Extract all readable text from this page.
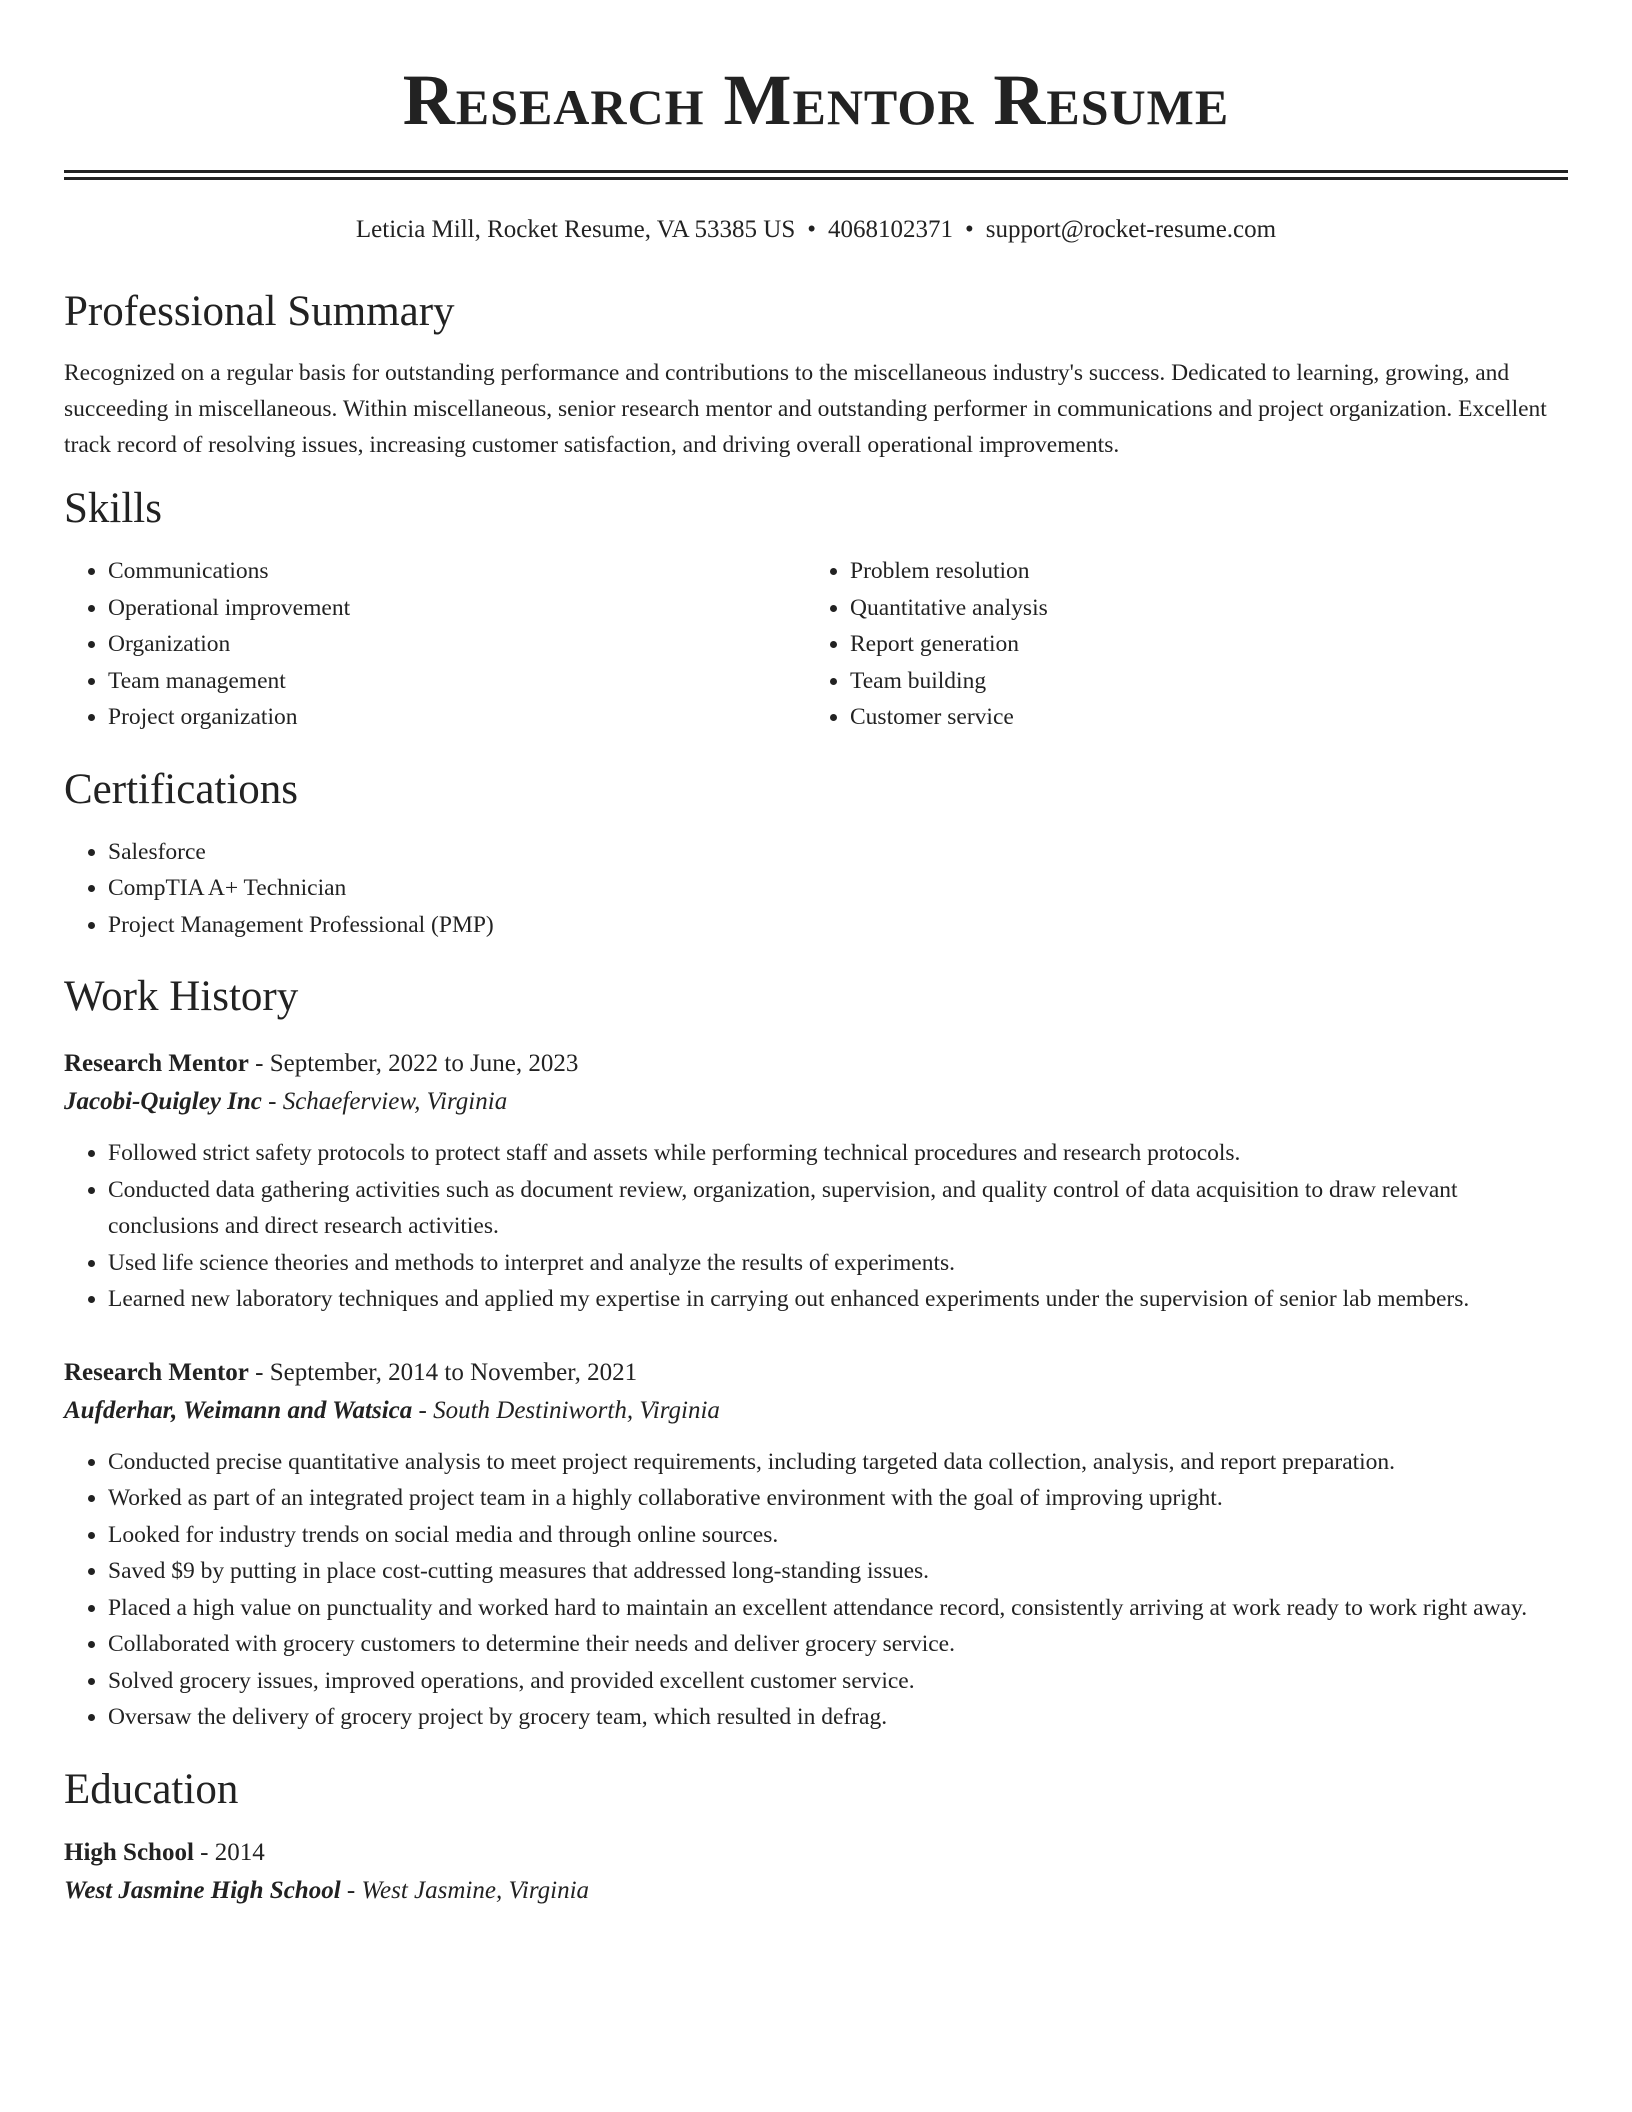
Research Mentor Resume
Leticia Mill, Rocket Resume, VA 53385 US • 4068102371 • support@rocket-resume.com
Professional Summary

Recognized on a regular basis for outstanding performance and contributions to the miscellaneous industry's success. Dedicated to learning, growing, and succeeding in miscellaneous. Within miscellaneous, senior research mentor and outstanding performer in communications and project organization. Excellent track record of resolving issues, increasing customer satisfaction, and driving overall operational improvements.

Skills
• Communications
• Operational improvement
• Organization
• Team management
• Project organization
• Problem resolution
• Quantitative analysis
• Report generation
• Team building
• Customer service
Certifications
• Salesforce
• CompTIA A+ Technician
• Project Management Professional (PMP)
Work History
Research Mentor - September, 2022 to June, 2023
Jacobi-Quigley Inc - Schaeferview, Virginia
• Followed strict safety protocols to protect staff and assets while performing technical procedures and research protocols.
• Conducted data gathering activities such as document review, organization, supervision, and quality control of data acquisition to draw relevant conclusions and direct research activities.
• Used life science theories and methods to interpret and analyze the results of experiments.
• Learned new laboratory techniques and applied my expertise in carrying out enhanced experiments under the supervision of senior lab members.
Research Mentor - September, 2014 to November, 2021
Aufderhar, Weimann and Watsica - South Destiniworth, Virginia
• Conducted precise quantitative analysis to meet project requirements, including targeted data collection, analysis, and report preparation.
• Worked as part of an integrated project team in a highly collaborative environment with the goal of improving upright.
• Looked for industry trends on social media and through online sources.
• Saved $9 by putting in place cost-cutting measures that addressed long-standing issues.
• Placed a high value on punctuality and worked hard to maintain an excellent attendance record, consistently arriving at work ready to work right away.
• Collaborated with grocery customers to determine their needs and deliver grocery service.
• Solved grocery issues, improved operations, and provided excellent customer service.
• Oversaw the delivery of grocery project by grocery team, which resulted in defrag.
Education
High School - 2014
West Jasmine High School - West Jasmine, Virginia
